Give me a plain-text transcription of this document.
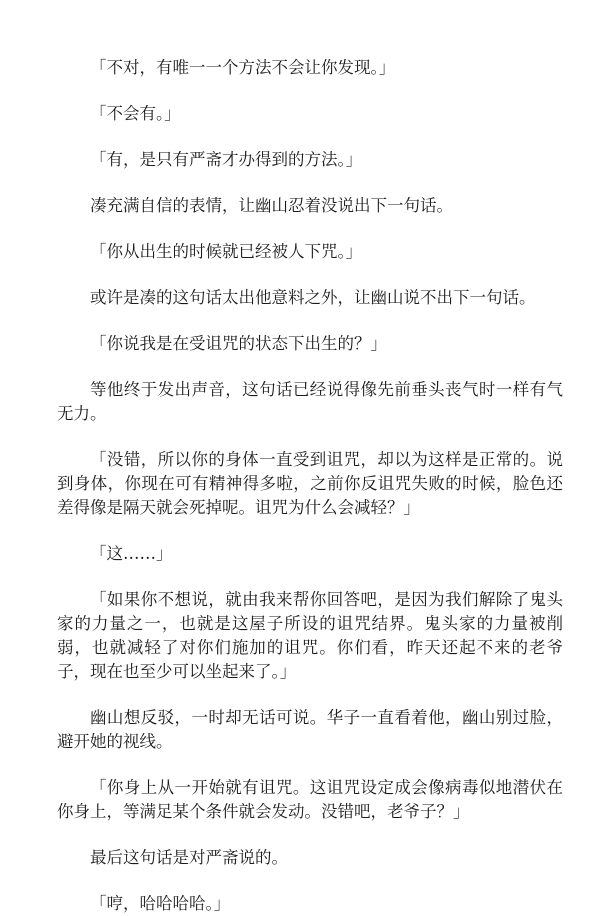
「不对，有唯一一个方法不会让你发现。」

「不会有。」

「有，是只有严斋才办得到的方法。」

凑充满自信的表情，让幽山忍着没说出下一句话。

「你从出生的时候就已经被人下咒。」

或许是凑的这句话太出他意料之外，让幽山说不出下一句话。

「你说我是在受诅咒的状态下出生的？」

等他终于发出声音，这句话已经说得像先前垂头丧气时一样有气无力。

「没错，所以你的身体一直受到诅咒，却以为这样是正常的。说到身体，你现在可有精神得多啦，之前你反诅咒失败的时候，脸色还差得像是隔天就会死掉呢。诅咒为什么会减轻？」

「这……」

「如果你不想说，就由我来帮你回答吧，是因为我们解除了鬼头家的力量之一，也就是这屋子所设的诅咒结界。鬼头家的力量被削弱，也就减轻了对你们施加的诅咒。你们看，昨天还起不来的老爷子，现在也至少可以坐起来了。」

幽山想反驳，一时却无话可说。华子一直看着他，幽山别过脸，避开她的视线。

「你身上从一开始就有诅咒。这诅咒设定成会像病毒似地潜伏在你身上，等满足某个条件就会发动。没错吧，老爷子？」

最后这句话是对严斋说的。

「哼，哈哈哈哈。」
